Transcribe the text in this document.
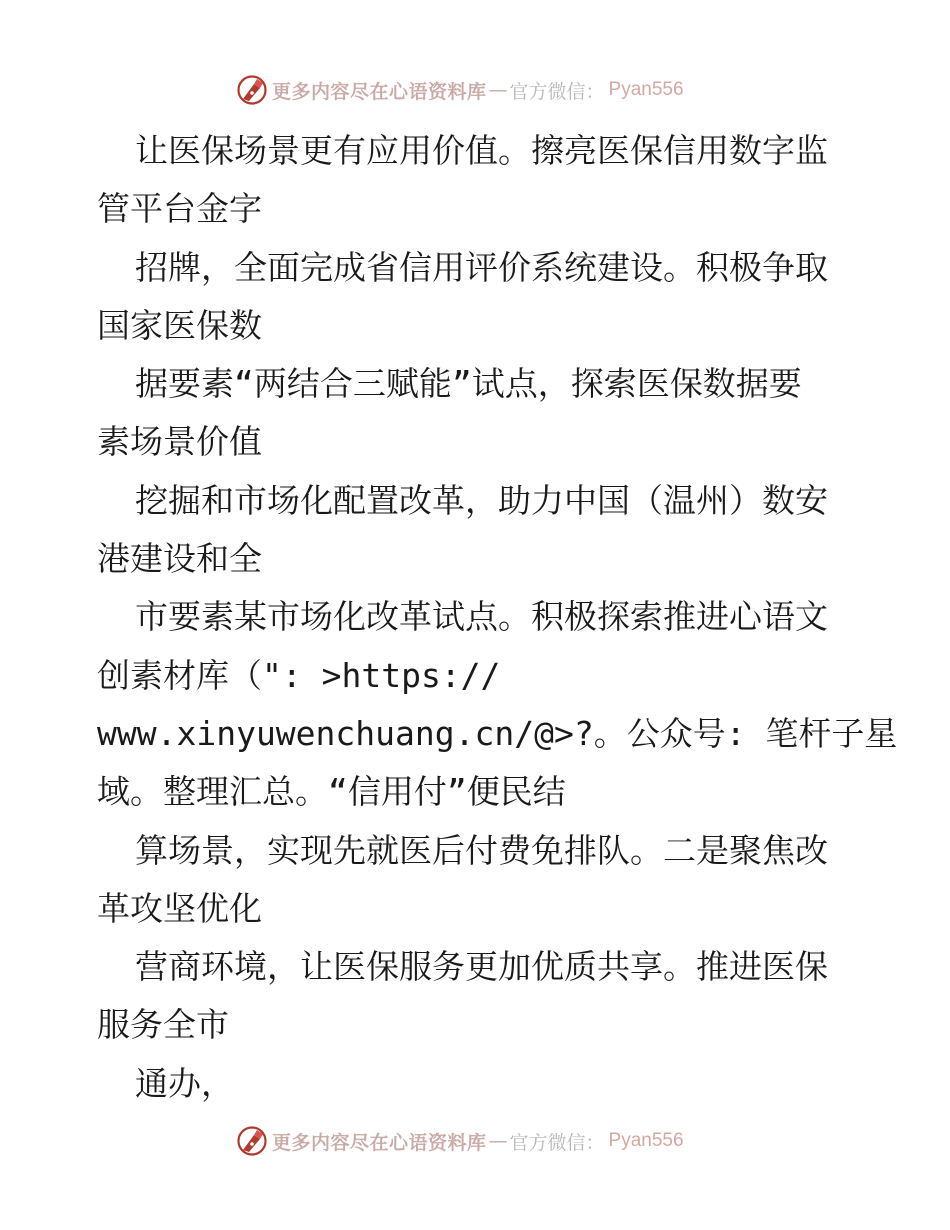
更多内容尽在心语资料库 — 官方微信 ： Pyan556
让医保场景更有应用价值。擦亮医保信用数字监
管平台金字
招牌，全面完成省信用评价系统建设。积极争取
国家医保数
据要素“两结合三赋能”试点，探索医保数据要
素场景价值
挖掘和市场化配置改革，助力中国（温州）数安
港建设和全
市要素某市场化改革试点。积极探索推进心语文
创素材库（": >https://
www.xinyuwenchuang.cn/@>?。公众号: 笔杆子星
域。整理汇总。“信用付”便民结
算场景，实现先就医后付费免排队。二是聚焦改
革攻坚优化
营商环境，让医保服务更加优质共享。推进医保
服务全市
通办，
更多内容尽在心语资料库 — 官方微信 ： Pyan556
